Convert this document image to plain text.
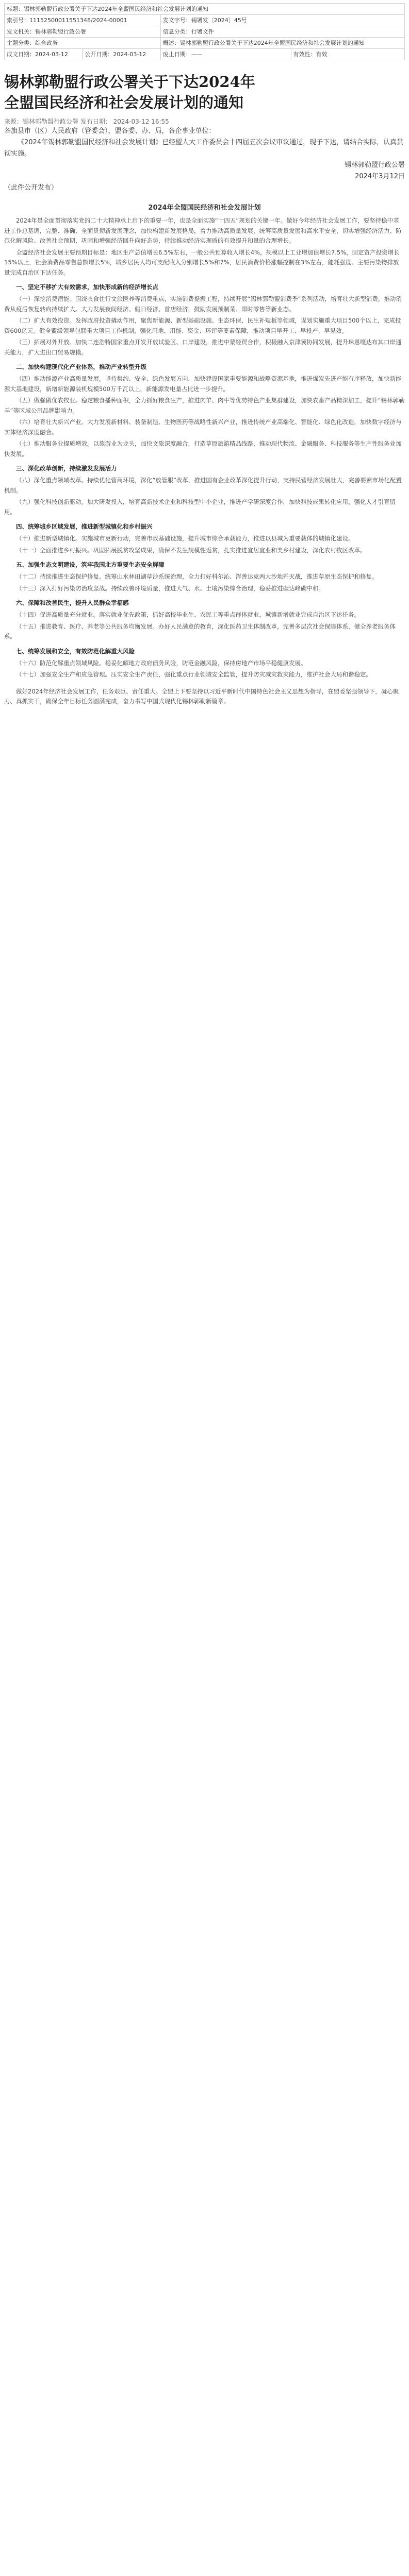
标题：锡林郭勒盟行政公署关于下达2024年全盟国民经济和社会发展计划的通知			
索引号：11152500011551348/2024-00001		发文字号：锡署发〔2024〕45号	
发文机关：锡林郭勒盟行政公署		信息分类：行署文件	
主题分类：综合政务		概述：锡林郭勒盟行政公署关于下达2024年全盟国民经济和社会发展计划的通知	
成文日期：2024-03-12	公开日期：2024-03-12	废止日期：——	有效性：有效
锡林郭勒盟行政公署关于下达2024年
全盟国民经济和社会发展计划的通知
来源：锡林郭勒盟行政公署 发布日期： 2024-03-12 16:55

各旗县市（区）人民政府（管委会），盟各委、办、局，各企事业单位：

《2024年锡林郭勒盟国民经济和社会发展计划》已经盟人大工作委员会十四届五次会议审议通过，现予下达，请结合实际，认真贯彻实施。

锡林郭勒盟行政公署

2024年3月12日

（此件公开发布）

2024年全盟国民经济和社会发展计划

2024年是全面贯彻落实党的二十大精神承上启下的重要一年，也是全面实施“十四五”规划的关键一年。做好今年经济社会发展工作，要坚持稳中求进工作总基调，完整、准确、全面贯彻新发展理念，加快构建新发展格局，着力推动高质量发展，统筹高质量发展和高水平安全，切实增强经济活力、防范化解风险、改善社会预期，巩固和增强经济回升向好态势，持续推动经济实现质的有效提升和量的合理增长。

全盟经济社会发展主要预期目标是：地区生产总值增长6.5%左右，一般公共预算收入增长4%，规模以上工业增加值增长7.5%，固定资产投资增长15%以上，社会消费品零售总额增长5%，城乡居民人均可支配收入分别增长5%和7%，居民消费价格涨幅控制在3%左右，能耗强度、主要污染物排放量完成自治区下达任务。

一、坚定不移扩大有效需求，加快形成新的经济增长点

（一）深挖消费潜能。围绕衣食住行文旅医养等消费重点，实施消费提振工程，持续开展“锡林郭勒盟消费季”系列活动，培育壮大新型消费，推动消费从疫后恢复转向持续扩大。大力发展夜间经济、假日经济、首店经济，鼓励发展预制菜、即时零售等新业态。

（二）扩大有效投资。发挥政府投资撬动作用，聚焦新能源、新型基础设施、生态环保、民生补短板等领域，谋划实施重大项目500个以上，完成投资600亿元。健全盟级领导包联重大项目工作机制，强化用地、用能、资金、环评等要素保障，推动项目早开工、早投产、早见效。

（三）拓展对外开放。加快二连浩特国家重点开发开放试验区、口岸建设，推进中蒙经贸合作，积极融入京津冀协同发展，提升珠恩嘎达布其口岸通关能力，扩大进出口贸易规模。

二、加快构建现代化产业体系，推动产业转型升级

（四）推动能源产业高质量发展。坚持集约、安全、绿色发展方向，加快建设国家重要能源和战略资源基地，推进煤炭先进产能有序释放，加快新能源大基地建设，新增新能源装机规模500万千瓦以上，新能源发电量占比进一步提升。

（五）做强做优农牧业。稳定粮食播种面积，全力抓好粮食生产，推进肉羊、肉牛等优势特色产业集群建设，加快农畜产品精深加工，提升“锡林郭勒羊”等区域公用品牌影响力。

（六）培育壮大新兴产业。大力发展新材料、装备制造、生物医药等战略性新兴产业，推进传统产业高端化、智能化、绿色化改造，加快数字经济与实体经济深度融合。

（七）推动服务业提质增效。以旅游业为龙头，加快文旅深度融合，打造草原旅游精品线路，推动现代物流、金融服务、科技服务等生产性服务业加快发展。

三、深化改革创新，持续激发发展活力

（八）深化重点领域改革。持续优化营商环境，深化“放管服”改革，推进国有企业改革深化提升行动，支持民营经济发展壮大，完善要素市场化配置机制。

（九）强化科技创新驱动。加大研发投入，培育高新技术企业和科技型中小企业，推进产学研深度合作，加快科技成果转化应用，强化人才引育留用。

四、统筹城乡区域发展，推进新型城镇化和乡村振兴

（十）推进新型城镇化。实施城市更新行动，完善市政基础设施，提升城市综合承载能力，推进以县城为重要载体的城镇化建设。

（十一）全面推进乡村振兴。巩固拓展脱贫攻坚成果，确保不发生规模性返贫，扎实推进宜居宜业和美乡村建设，深化农村牧区改革。

五、加强生态文明建设，筑牢我国北方重要生态安全屏障

（十二）持续推进生态保护修复。统筹山水林田湖草沙系统治理，全力打好科尔沁、浑善达克两大沙地歼灭战，推进草原生态保护和修复。

（十三）深入打好污染防治攻坚战。持续改善环境质量，推进大气、水、土壤污染综合治理，稳妥推进碳达峰碳中和。

六、保障和改善民生，提升人民群众幸福感

（十四）促进高质量充分就业。落实就业优先政策，抓好高校毕业生、农民工等重点群体就业，城镇新增就业完成自治区下达任务。

（十五）推进教育、医疗、养老等公共服务均衡发展。办好人民满意的教育，深化医药卫生体制改革，完善多层次社会保障体系，健全养老服务体系。

七、统筹发展和安全，有效防范化解重大风险

（十六）防范化解重点领域风险。稳妥化解地方政府债务风险，防范金融风险，保持房地产市场平稳健康发展。

（十七）加强安全生产和应急管理。压实安全生产责任，强化重点行业领域安全监管，提升防灾减灾救灾能力，维护社会大局和谐稳定。

做好2024年经济社会发展工作，任务艰巨、责任重大。全盟上下要坚持以习近平新时代中国特色社会主义思想为指导，在盟委坚强领导下，凝心聚力、真抓实干，确保全年目标任务圆满完成，奋力书写中国式现代化锡林郭勒新篇章。
